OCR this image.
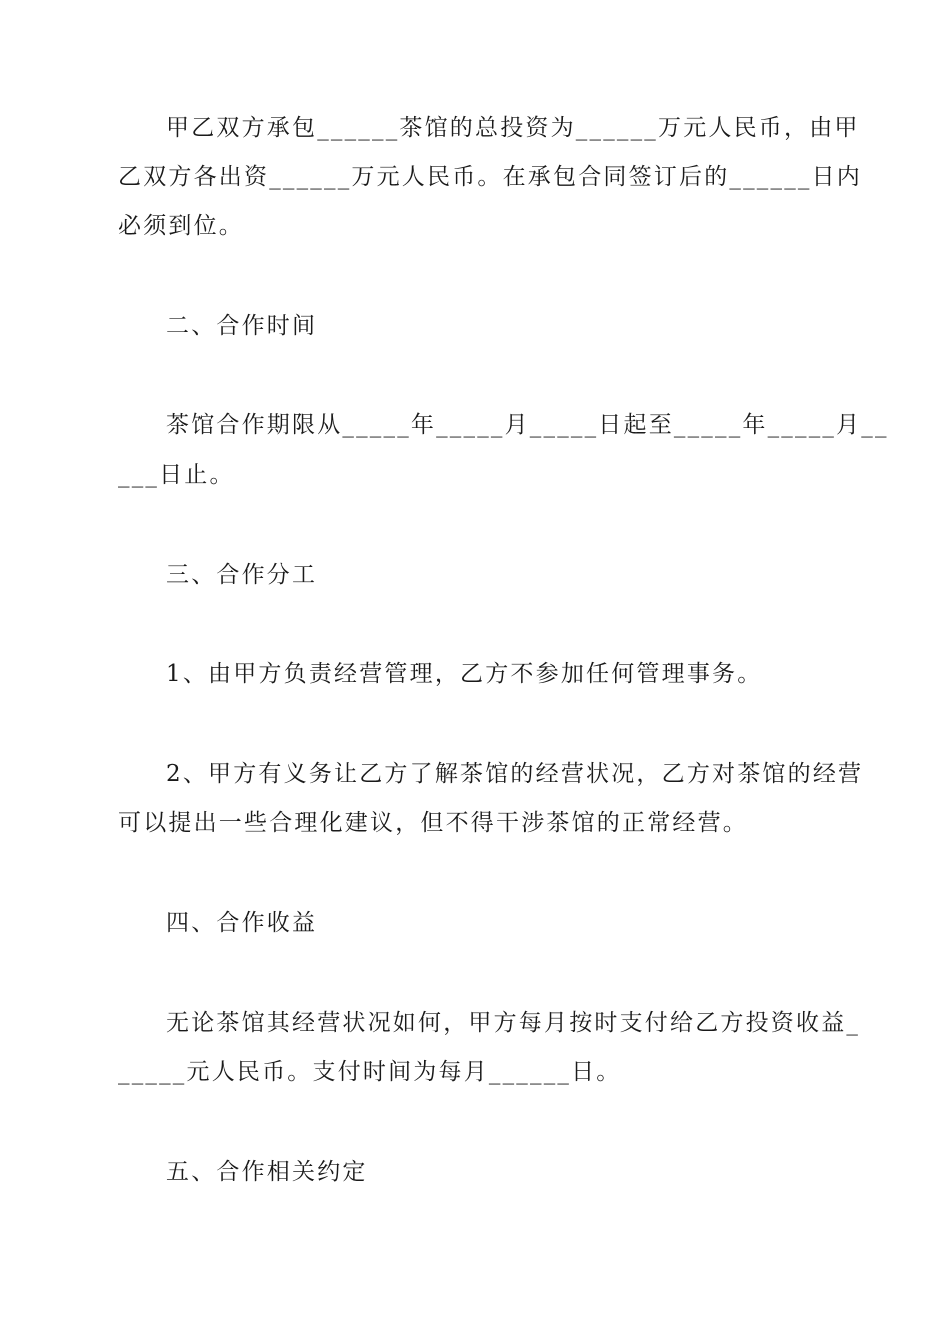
甲乙双方承包______茶馆的总投资为______万元人民币，由甲
乙双方各出资______万元人民币。在承包合同签订后的______日内
必须到位。
二、合作时间
茶馆合作期限从_____年_____月_____日起至_____年_____月__
___日止。
三、合作分工
1、由甲方负责经营管理，乙方不参加任何管理事务。
2、甲方有义务让乙方了解茶馆的经营状况，乙方对茶馆的经营
可以提出一些合理化建议，但不得干涉茶馆的正常经营。
四、合作收益
无论茶馆其经营状况如何，甲方每月按时支付给乙方投资收益_
_____元人民币。支付时间为每月______日。
五、合作相关约定
